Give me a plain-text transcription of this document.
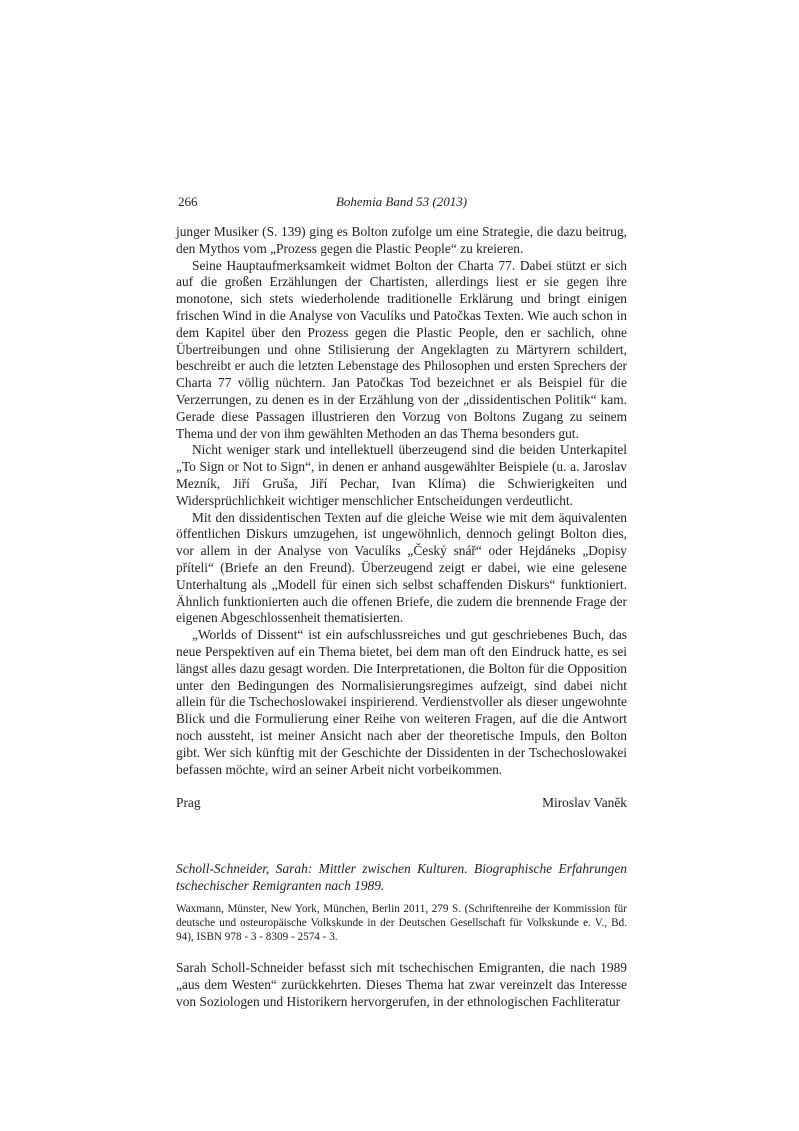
266	Bohemia Band 53 (2013)

junger Musiker (S. 139) ging es Bolton zufolge um eine Strategie, die dazu beitrug, den Mythos vom „Prozess gegen die Plastic People“ zu kreieren.

Seine Hauptaufmerksamkeit widmet Bolton der Charta 77. Dabei stützt er sich auf die großen Erzählungen der Chartisten, allerdings liest er sie gegen ihre monotone, sich stets wiederholende traditionelle Erklärung und bringt einigen frischen Wind in die Analyse von Vaculíks und Patočkas Texten. Wie auch schon in dem Kapitel über den Prozess gegen die Plastic People, den er sachlich, ohne Übertreibungen und ohne Stilisierung der Angeklagten zu Märtyrern schildert, beschreibt er auch die letzten Lebenstage des Philosophen und ersten Sprechers der Charta 77 völlig nüchtern. Jan Patočkas Tod bezeichnet er als Beispiel für die Verzerrungen, zu denen es in der Erzählung von der „dissidentischen Politik“ kam. Gerade diese Passagen illustrieren den Vorzug von Boltons Zugang zu seinem Thema und der von ihm gewählten Methoden an das Thema besonders gut.

Nicht weniger stark und intellektuell überzeugend sind die beiden Unterkapitel „To Sign or Not to Sign“, in denen er anhand ausgewählter Beispiele (u. a. Jaroslav Mezník, Jiří Gruša, Jiří Pechar, Ivan Klíma) die Schwierigkeiten und Widersprüchlichkeit wichtiger menschlicher Entscheidungen verdeutlicht.

Mit den dissidentischen Texten auf die gleiche Weise wie mit dem äquivalenten öffentlichen Diskurs umzugehen, ist ungewöhnlich, dennoch gelingt Bolton dies, vor allem in der Analyse von Vaculíks „Český snář“ oder Hejdáneks „Dopisy příteli“ (Briefe an den Freund). Überzeugend zeigt er dabei, wie eine gelesene Unterhaltung als „Modell für einen sich selbst schaffenden Diskurs“ funktioniert. Ähnlich funktionierten auch die offenen Briefe, die zudem die brennende Frage der eigenen Abgeschlossenheit thematisierten.

„Worlds of Dissent“ ist ein aufschlussreiches und gut geschriebenes Buch, das neue Perspektiven auf ein Thema bietet, bei dem man oft den Eindruck hatte, es sei längst alles dazu gesagt worden. Die Interpretationen, die Bolton für die Opposition unter den Bedingungen des Normalisierungsregimes aufzeigt, sind dabei nicht allein für die Tschechoslowakei inspirierend. Verdienstvoller als dieser ungewohnte Blick und die Formulierung einer Reihe von weiteren Fragen, auf die die Antwort noch aussteht, ist meiner Ansicht nach aber der theoretische Impuls, den Bolton gibt. Wer sich künftig mit der Geschichte der Dissidenten in der Tschechoslowakei befassen möchte, wird an seiner Arbeit nicht vorbeikommen.

Prag	Miroslav Vaněk
Scholl-Schneider, Sarah: Mittler zwischen Kulturen. Biographische Erfahrungen tschechischer Remigranten nach 1989.
Waxmann, Münster, New York, München, Berlin 2011, 279 S. (Schriftenreihe der Kommission für deutsche und osteuropäische Volkskunde in der Deutschen Gesellschaft für Volkskunde e. V., Bd. 94), ISBN 978 - 3 - 8309 - 2574 - 3.

Sarah Scholl-Schneider befasst sich mit tschechischen Emigranten, die nach 1989 „aus dem Westen“ zurückkehrten. Dieses Thema hat zwar vereinzelt das Interesse von Soziologen und Historikern hervorgerufen, in der ethnologischen Fachliteratur
